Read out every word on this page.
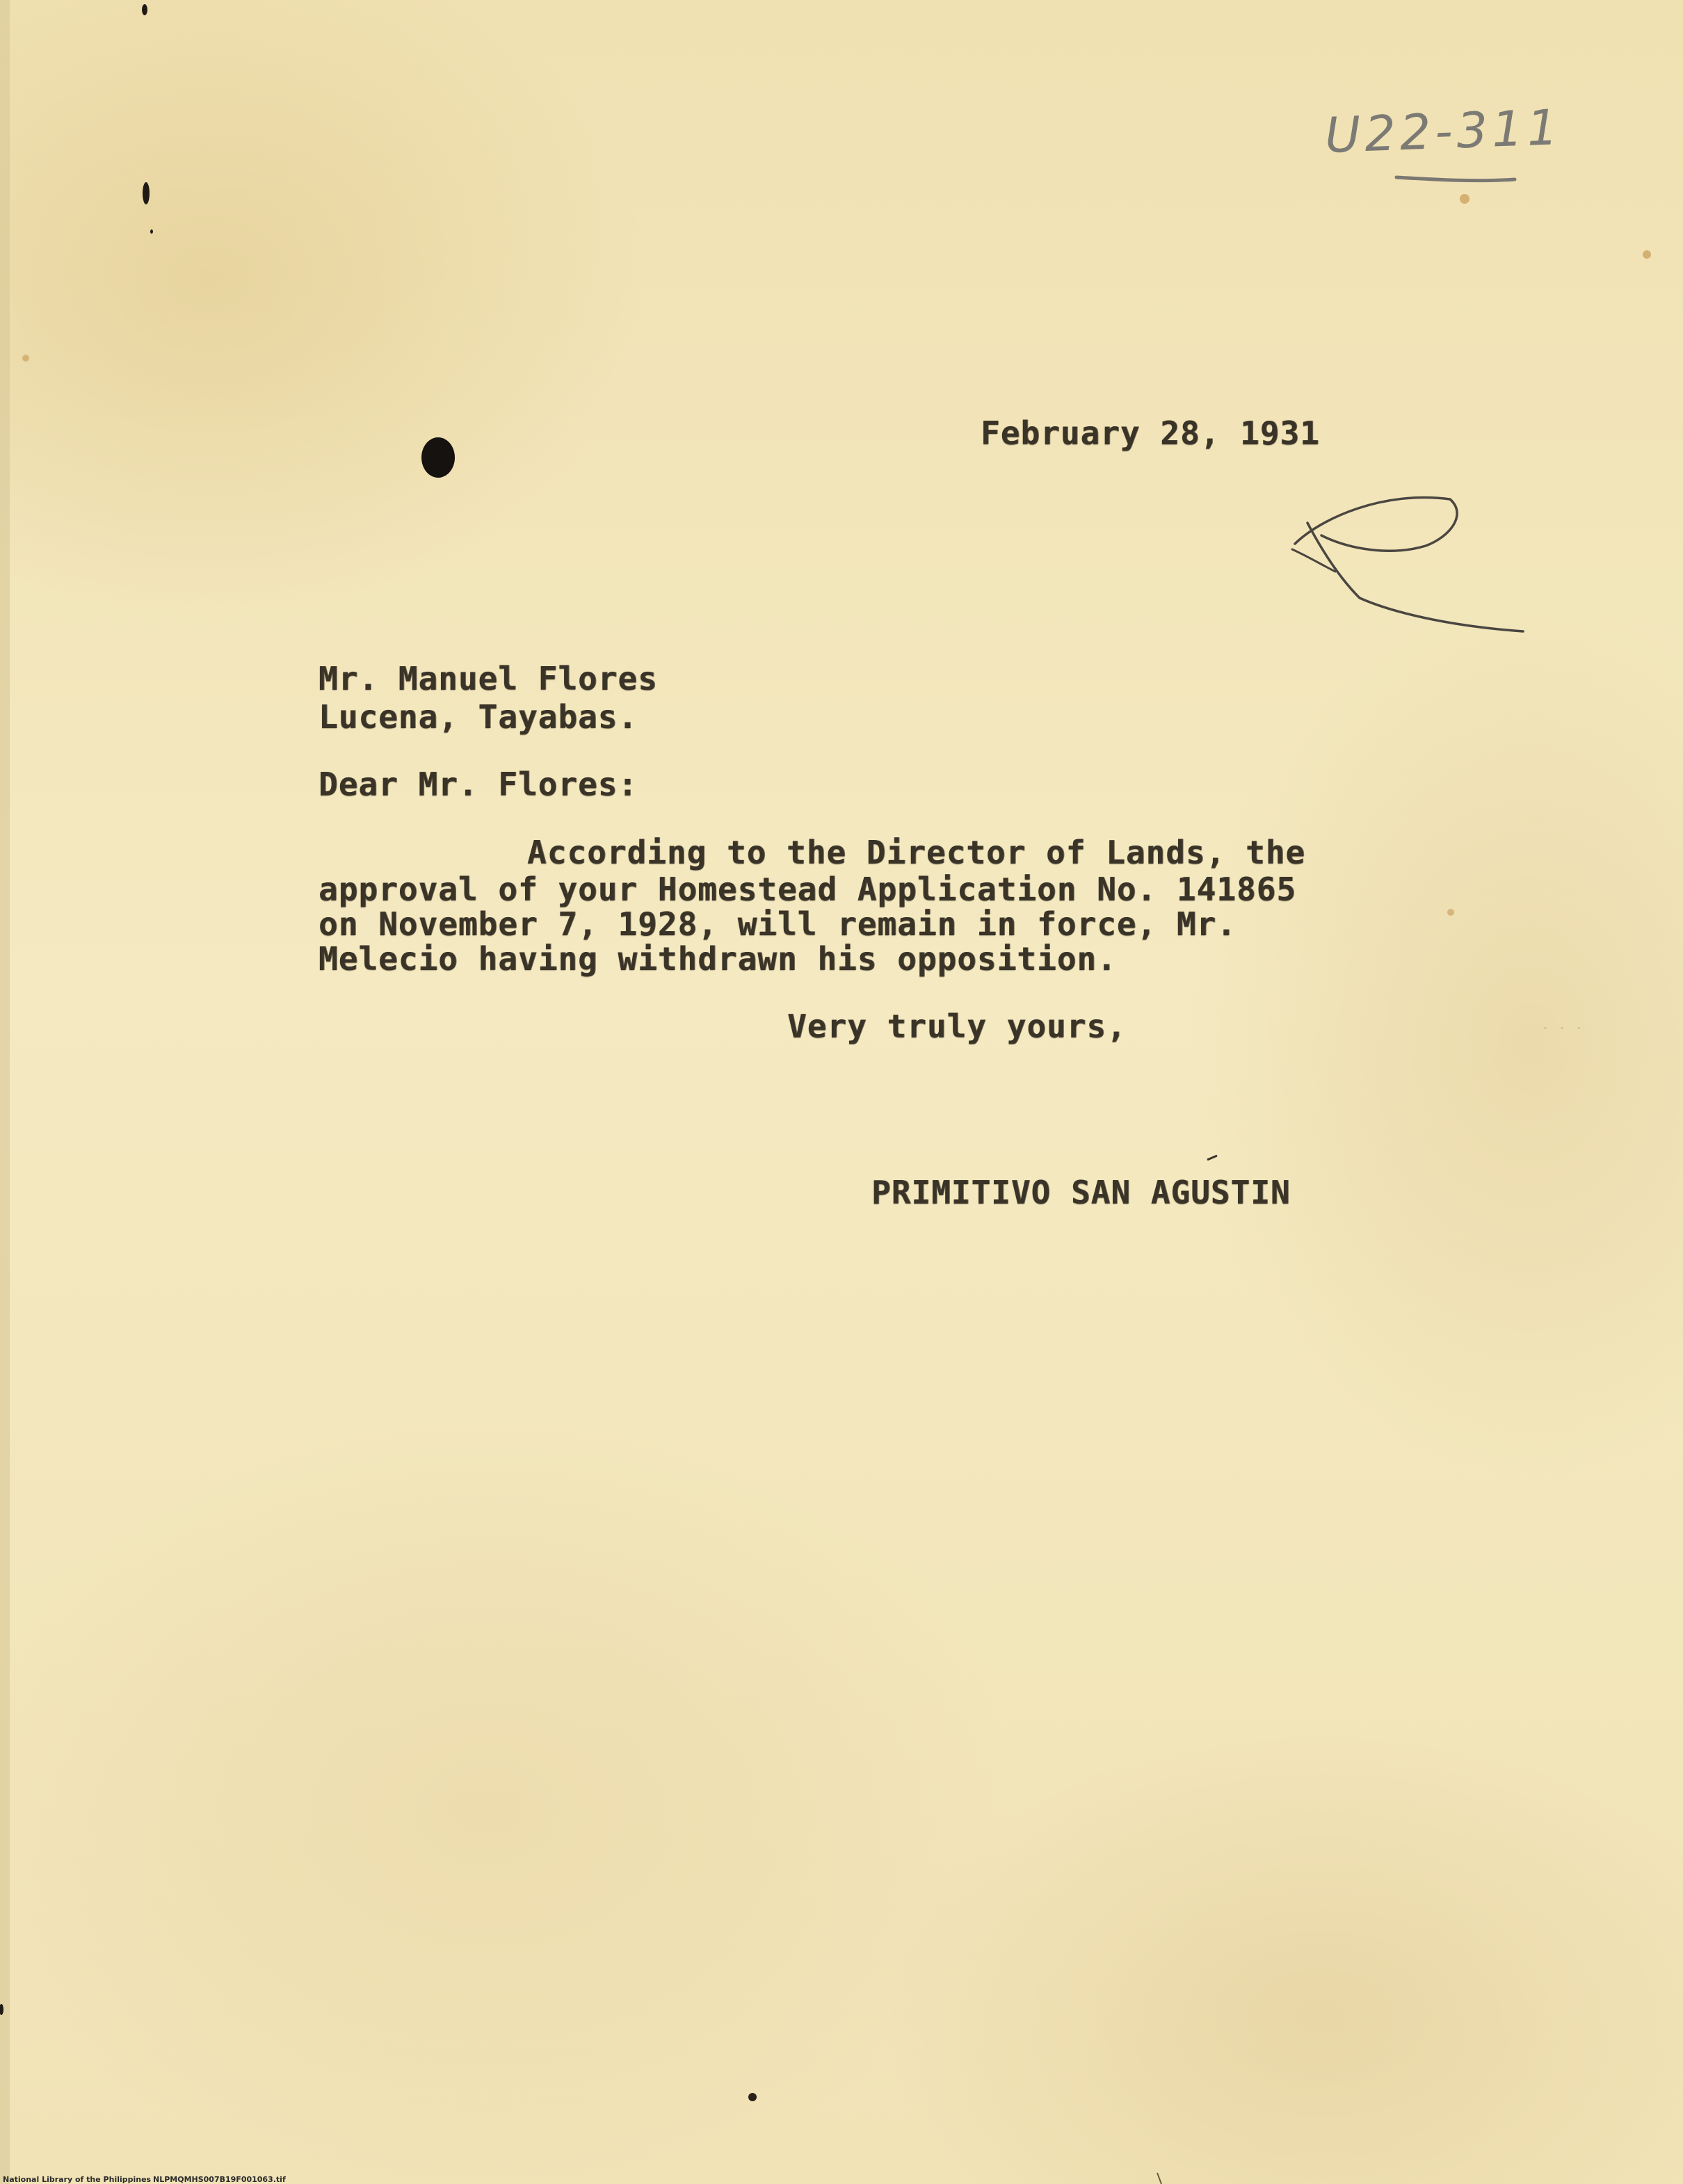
. . .
U22-311
February 28, 1931
Mr. Manuel Flores
Lucena, Tayabas.
Dear Mr. Flores:
According to the Director of Lands, the
approval of your Homestead Application No. 141865
on November 7, 1928, will remain in force, Mr.
Melecio having withdrawn his opposition.
Very truly yours,
PRIMITIVO SAN AGUSTIN
National Library of the Philippines NLPMQMHS007B19F001063.tif
